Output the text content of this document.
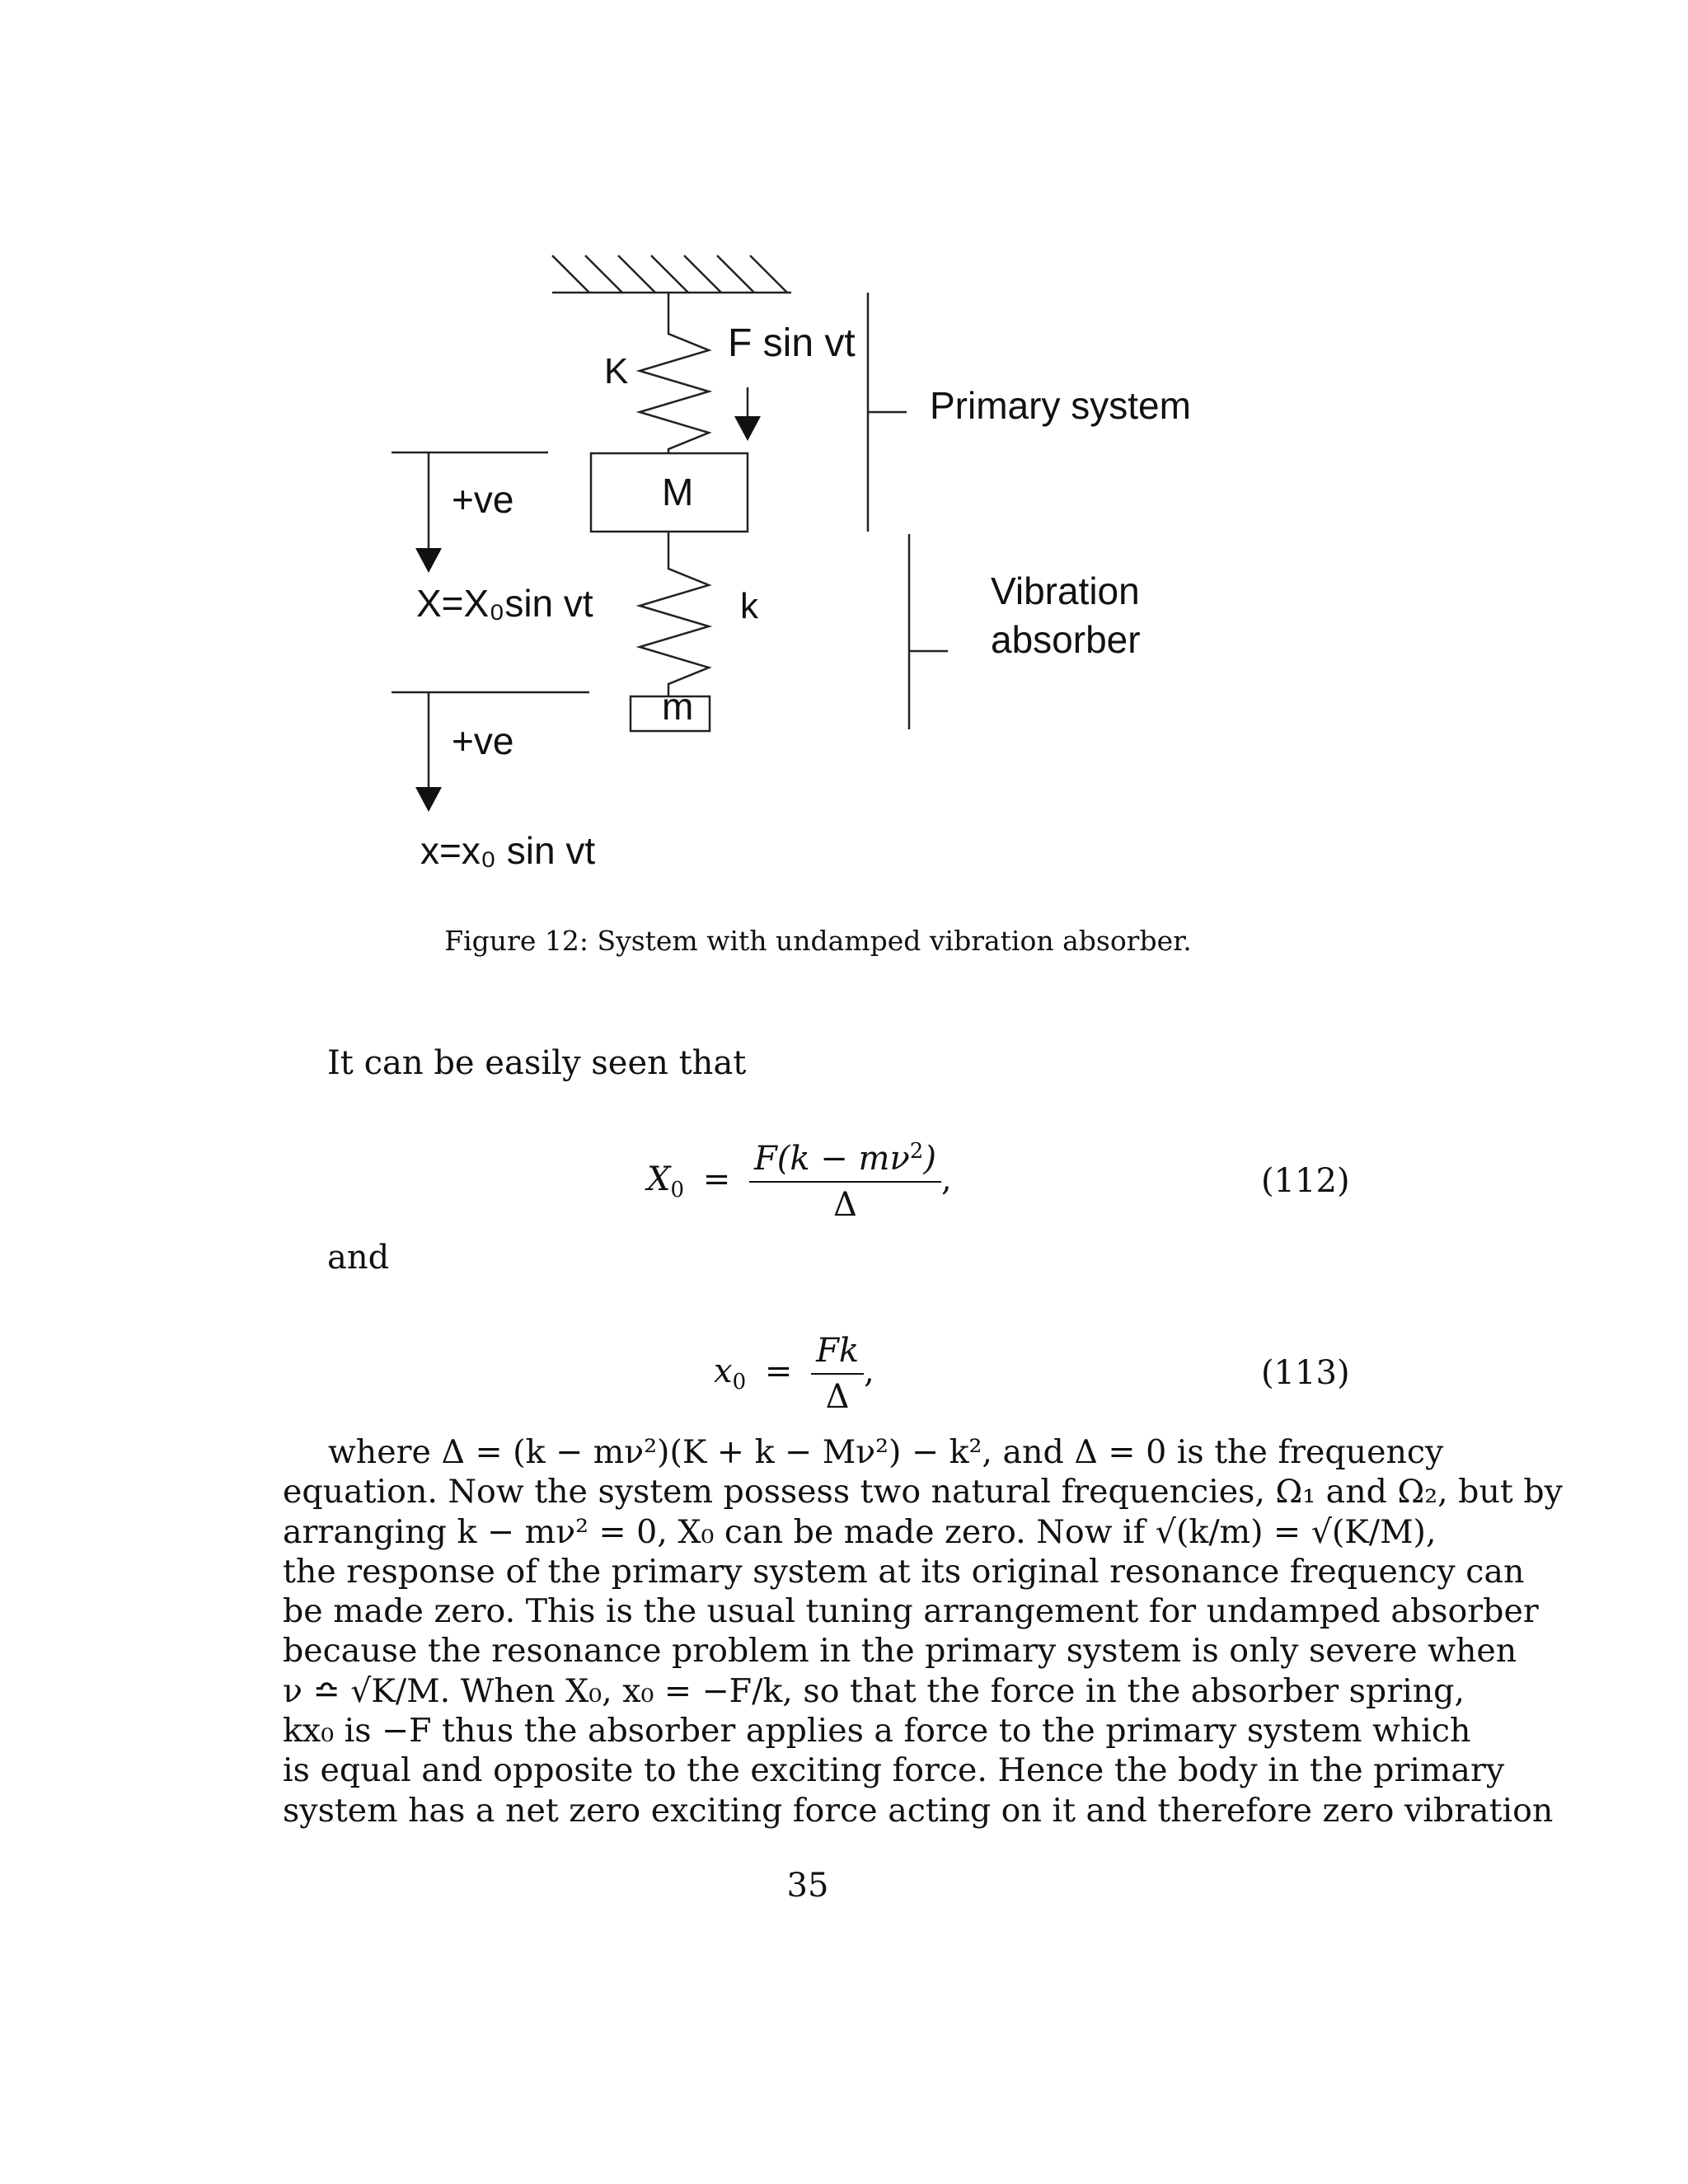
K
F sin vt
Primary system
M
+ve
X=X₀sin vt	k	Vibration
absorber
m
+ve
x=x₀ sin vt
Figure 12: System with undamped vibration absorber.
It can be easily seen that
$X_0 = \frac{F(k - m\nu^2)}{\Delta}$ ,	(112)
and
$x_0 = \frac{Fk}{\Delta}$ ,	(113)
where Δ = (k − mν²)(K + k − Mν²) − k², and Δ = 0 is the frequency
equation. Now the system possess two natural frequencies, Ω₁ and Ω₂, but by
arranging k − mν² = 0, X₀ can be made zero. Now if √(k/m) = √(K/M),
the response of the primary system at its original resonance frequency can
be made zero. This is the usual tuning arrangement for undamped absorber
because the resonance problem in the primary system is only severe when
ν ≏ √K/M. When X₀, x₀ = −F/k, so that the force in the absorber spring,
kx₀ is −F thus the absorber applies a force to the primary system which
is equal and opposite to the exciting force. Hence the body in the primary
system has a net zero exciting force acting on it and therefore zero vibration
35
